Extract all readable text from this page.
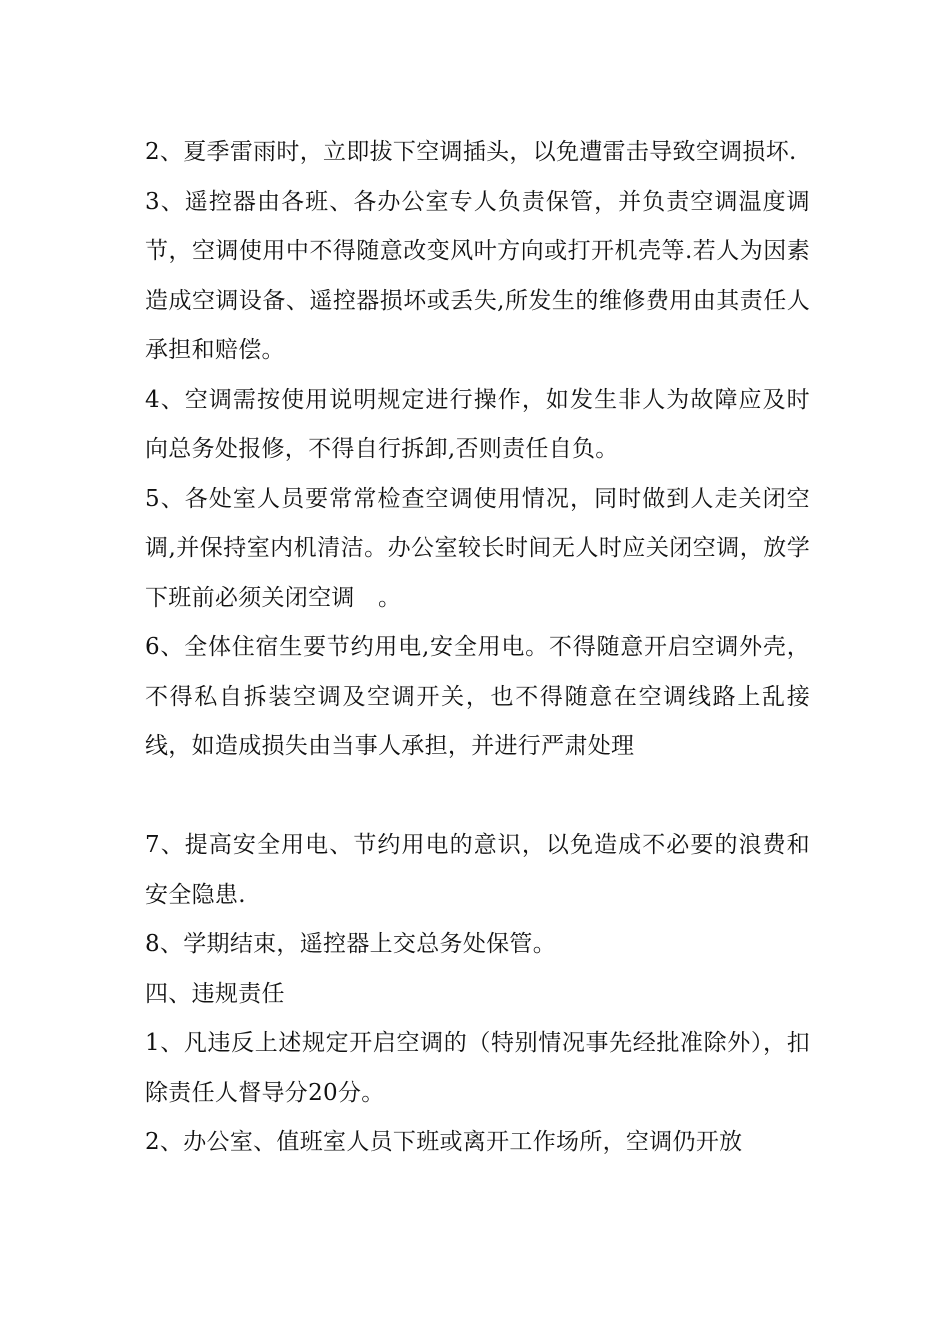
2、夏季雷雨时，立即拔下空调插头，以免遭雷击导致空调损坏.

3、遥控器由各班、各办公室专人负责保管，并负责空调温度调节，空调使用中不得随意改变风叶方向或打开机壳等.若人为因素造成空调设备、遥控器损坏或丢失,所发生的维修费用由其责任人承担和赔偿。

4、空调需按使用说明规定进行操作，如发生非人为故障应及时向总务处报修，不得自行拆卸,否则责任自负。

5、各处室人员要常常检查空调使用情况，同时做到人走关闭空调,并保持室内机清洁。办公室较长时间无人时应关闭空调，放学下班前必须关闭空调　。

6、全体住宿生要节约用电,安全用电。不得随意开启空调外壳，不得私自拆装空调及空调开关，也不得随意在空调线路上乱接线，如造成损失由当事人承担，并进行严肃处理

7、提高安全用电、节约用电的意识，以免造成不必要的浪费和安全隐患.

8、学期结束，遥控器上交总务处保管。

四、违规责任

1、凡违反上述规定开启空调的（特别情况事先经批准除外），扣除责任人督导分20分。

2、办公室、值班室人员下班或离开工作场所，空调仍开放
